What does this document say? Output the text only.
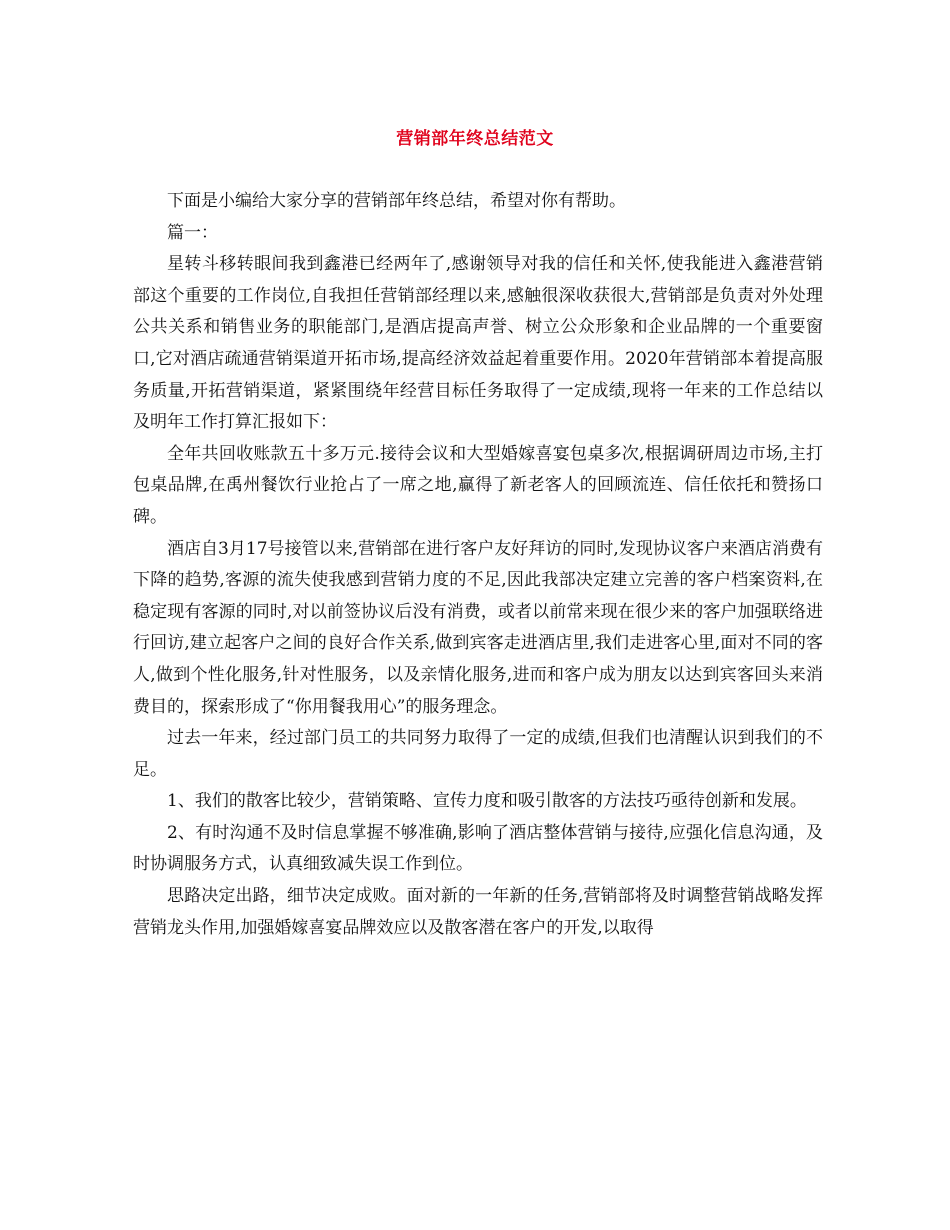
营销部年终总结范文

下面是小编给大家分享的营销部年终总结，希望对你有帮助。

篇一：

星转斗移转眼间我到鑫港已经两年了,感谢领导对我的信任和关怀,使我能进入鑫港营销部这个重要的工作岗位,自我担任营销部经理以来,感触很深收获很大,营销部是负责对外处理公共关系和销售业务的职能部门,是酒店提高声誉、树立公众形象和企业品牌的一个重要窗口,它对酒店疏通营销渠道开拓市场,提高经济效益起着重要作用。2020年营销部本着提高服务质量,开拓营销渠道，紧紧围绕年经营目标任务取得了一定成绩,现将一年来的工作总结以及明年工作打算汇报如下：

全年共回收账款五十多万元.接待会议和大型婚嫁喜宴包桌多次,根据调研周边市场,主打包桌品牌,在禹州餐饮行业抢占了一席之地,赢得了新老客人的回顾流连、信任依托和赞扬口碑。

酒店自3月17号接管以来,营销部在进行客户友好拜访的同时,发现协议客户来酒店消费有下降的趋势,客源的流失使我感到营销力度的不足,因此我部决定建立完善的客户档案资料,在稳定现有客源的同时,对以前签协议后没有消费，或者以前常来现在很少来的客户加强联络进行回访,建立起客户之间的良好合作关系,做到宾客走进酒店里,我们走进客心里,面对不同的客人,做到个性化服务,针对性服务，以及亲情化服务,进而和客户成为朋友以达到宾客回头来消费目的，探索形成了“你用餐我用心”的服务理念。

过去一年来，经过部门员工的共同努力取得了一定的成绩,但我们也清醒认识到我们的不足。

1、我们的散客比较少，营销策略、宣传力度和吸引散客的方法技巧亟待创新和发展。

2、有时沟通不及时信息掌握不够准确,影响了酒店整体营销与接待,应强化信息沟通，及时协调服务方式，认真细致减失误工作到位。

思路决定出路，细节决定成败。面对新的一年新的任务,营销部将及时调整营销战略发挥营销龙头作用,加强婚嫁喜宴品牌效应以及散客潜在客户的开发,以取得
